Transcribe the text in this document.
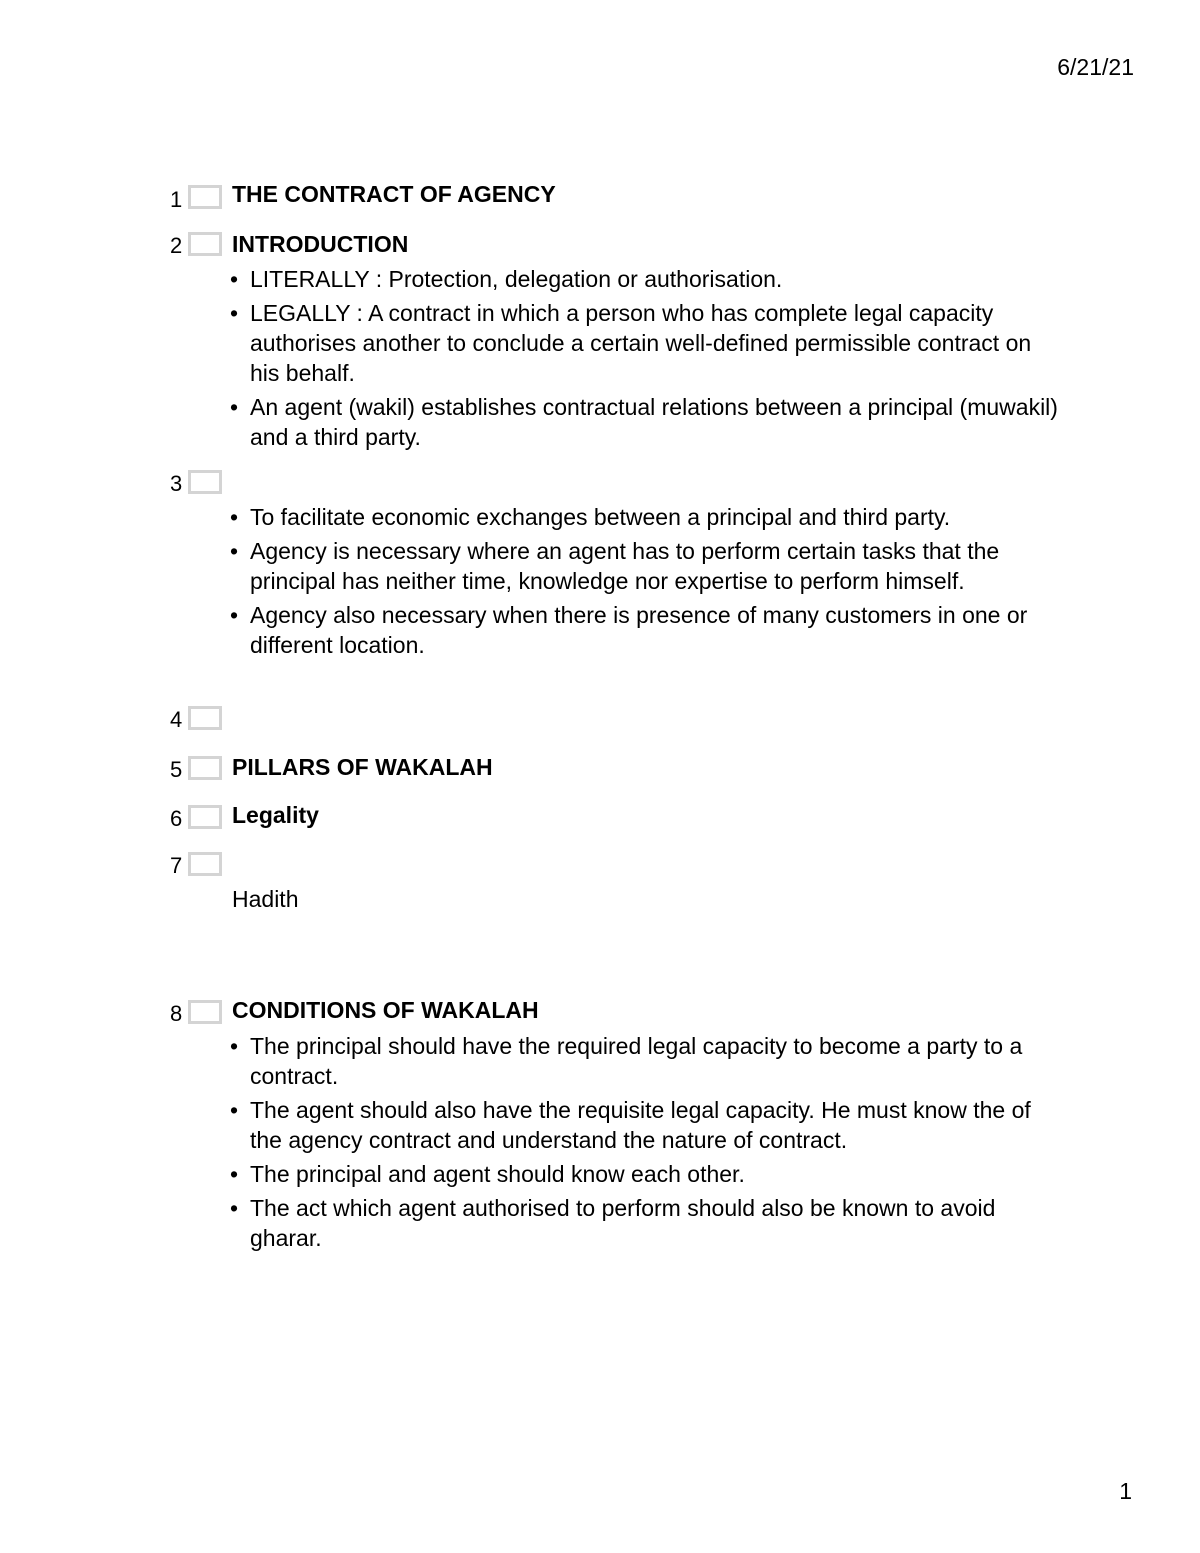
6/21/21
1 THE CONTRACT OF AGENCY
2 INTRODUCTION
• LITERALLY : Protection, delegation or authorisation.
• LEGALLY : A contract in which a person who has complete legal capacity authorises another to conclude a certain well-defined permissible contract on his behalf.
• An agent (wakil) establishes contractual relations between a principal (muwakil) and a third party.
3
• To facilitate economic exchanges between a principal and third party.
• Agency is necessary where an agent has to perform certain tasks that the principal has neither time, knowledge nor expertise to perform himself.
• Agency also necessary when there is presence of many customers in one or different location.
4
5 PILLARS OF WAKALAH
6 Legality
7
Hadith
8 CONDITIONS OF WAKALAH
• The principal should have the required legal capacity to become a party to a contract.
• The agent should also have the requisite legal capacity. He must know the of the agency contract and understand the nature of contract.
• The principal and agent should know each other.
• The act which agent authorised to perform should also be known to avoid gharar.
1
